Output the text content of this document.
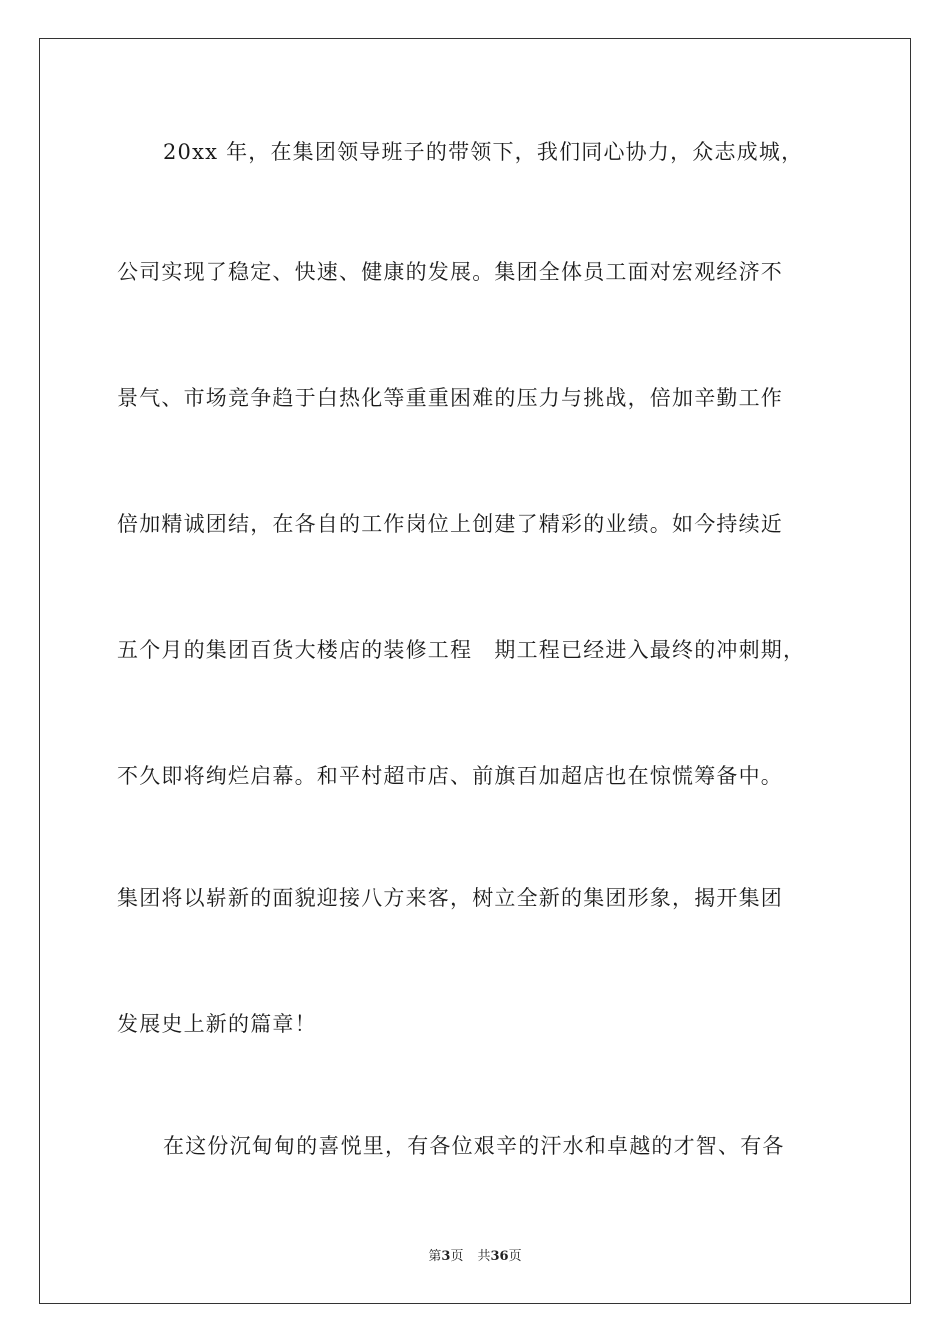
20xx 年，在集团领导班子的带领下，我们同心协力，众志成城，
公司实现了稳定、快速、健康的发展。集团全体员工面对宏观经济不
景气、市场竞争趋于白热化等重重困难的压力与挑战，倍加辛勤工作
倍加精诚团结，在各自的工作岗位上创建了精彩的业绩。如今持续近
五个月的集团百货大楼店的装修工程　期工程已经进入最终的冲刺期，
不久即将绚烂启幕。和平村超市店、前旗百加超店也在惊慌筹备中。
集团将以崭新的面貌迎接八方来客，树立全新的集团形象，揭开集团
发展史上新的篇章！
在这份沉甸甸的喜悦里，有各位艰辛的汗水和卓越的才智、有各
第3页 共36页
